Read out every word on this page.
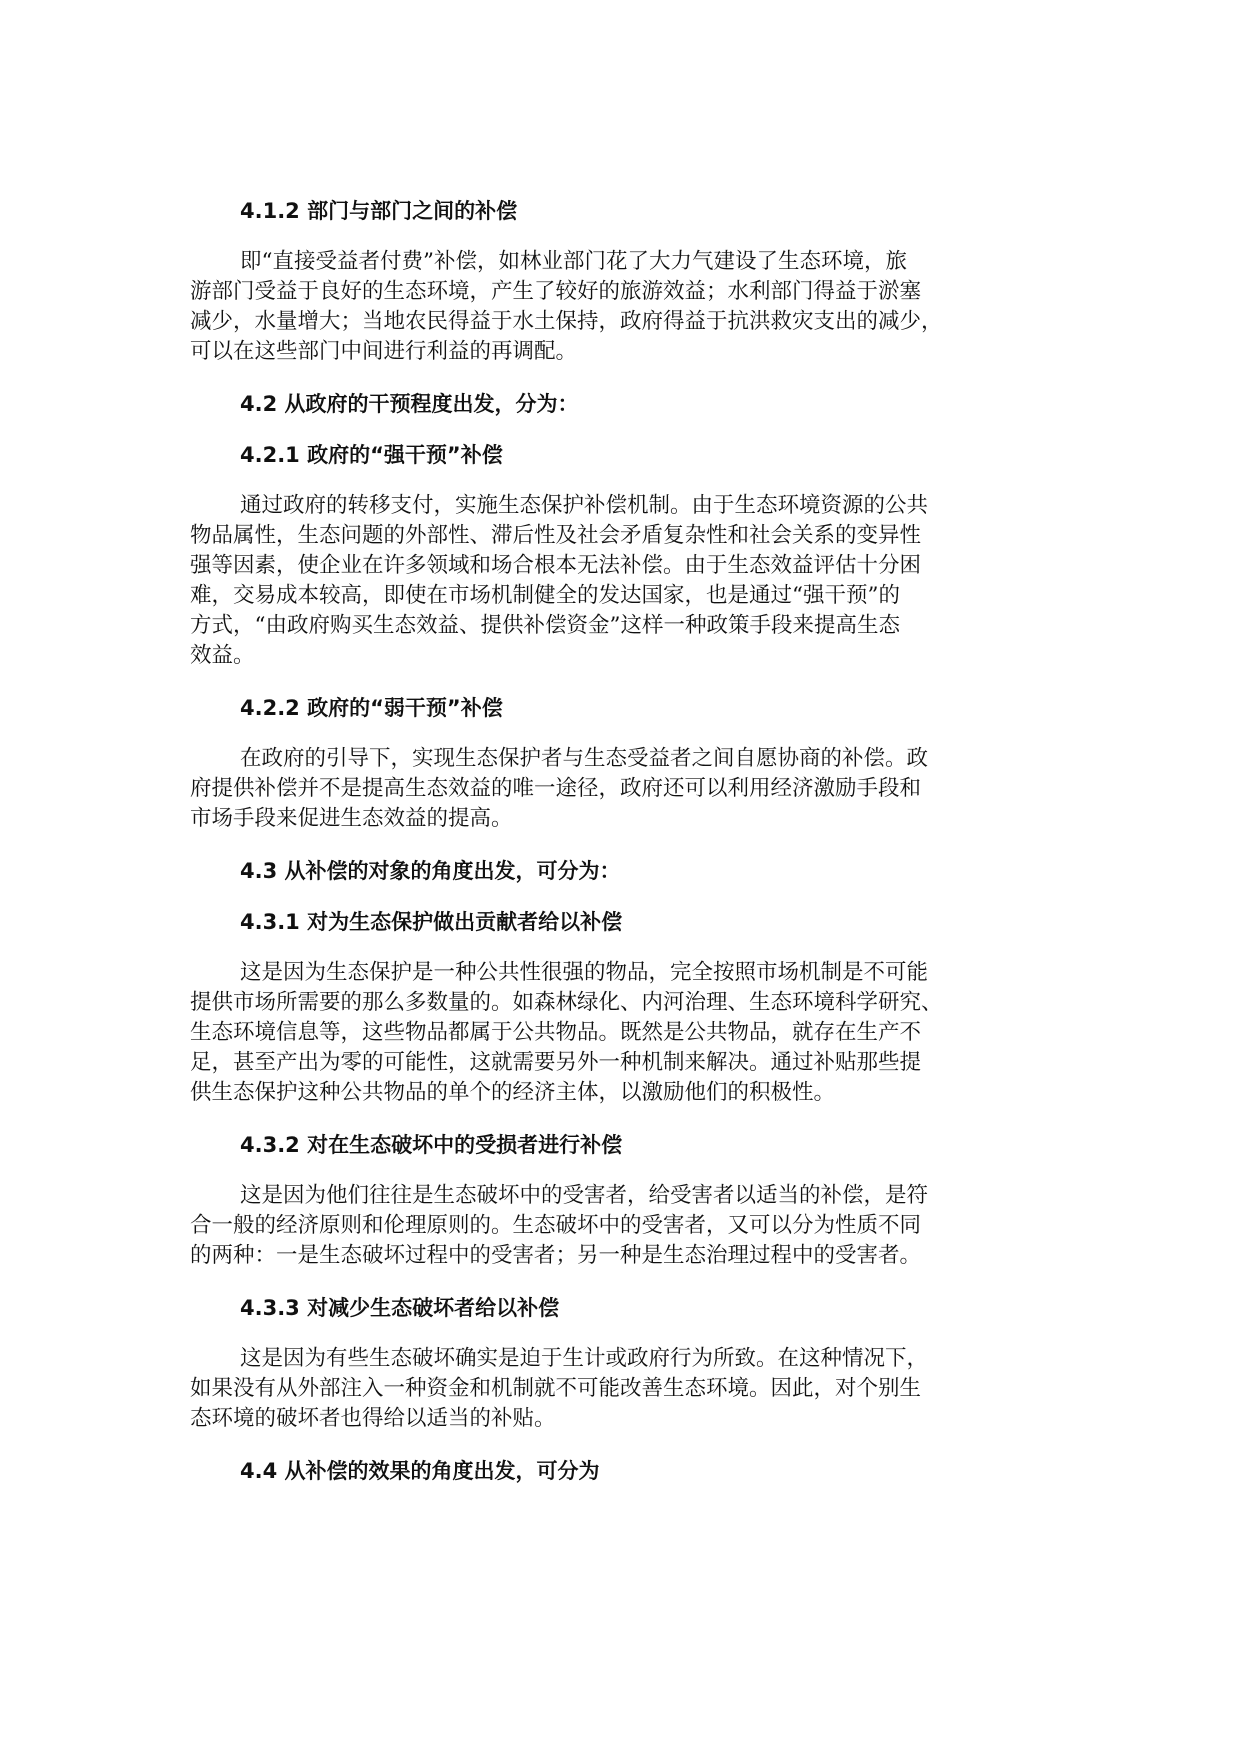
4.1.2 部门与部门之间的补偿
即“直接受益者付费”补偿，如林业部门花了大力气建设了生态环境，旅
游部门受益于良好的生态环境，产生了较好的旅游效益；水利部门得益于淤塞
减少，水量增大；当地农民得益于水土保持，政府得益于抗洪救灾支出的减少，
可以在这些部门中间进行利益的再调配。
4.2 从政府的干预程度出发，分为：
4.2.1 政府的“强干预”补偿
通过政府的转移支付，实施生态保护补偿机制。由于生态环境资源的公共
物品属性，生态问题的外部性、滞后性及社会矛盾复杂性和社会关系的变异性
强等因素，使企业在许多领域和场合根本无法补偿。由于生态效益评估十分困
难，交易成本较高，即使在市场机制健全的发达国家，也是通过“强干预”的
方式，“由政府购买生态效益、提供补偿资金”这样一种政策手段来提高生态
效益。
4.2.2 政府的“弱干预”补偿
在政府的引导下，实现生态保护者与生态受益者之间自愿协商的补偿。政
府提供补偿并不是提高生态效益的唯一途径，政府还可以利用经济激励手段和
市场手段来促进生态效益的提高。
4.3 从补偿的对象的角度出发，可分为：
4.3.1 对为生态保护做出贡献者给以补偿
这是因为生态保护是一种公共性很强的物品，完全按照市场机制是不可能
提供市场所需要的那么多数量的。如森林绿化、内河治理、生态环境科学研究、
生态环境信息等，这些物品都属于公共物品。既然是公共物品，就存在生产不
足，甚至产出为零的可能性，这就需要另外一种机制来解决。通过补贴那些提
供生态保护这种公共物品的单个的经济主体，以激励他们的积极性。
4.3.2 对在生态破坏中的受损者进行补偿
这是因为他们往往是生态破坏中的受害者，给受害者以适当的补偿，是符
合一般的经济原则和伦理原则的。生态破坏中的受害者，又可以分为性质不同
的两种：一是生态破坏过程中的受害者；另一种是生态治理过程中的受害者。
4.3.3 对减少生态破坏者给以补偿
这是因为有些生态破坏确实是迫于生计或政府行为所致。在这种情况下，
如果没有从外部注入一种资金和机制就不可能改善生态环境。因此，对个别生
态环境的破坏者也得给以适当的补贴。
4.4 从补偿的效果的角度出发，可分为
